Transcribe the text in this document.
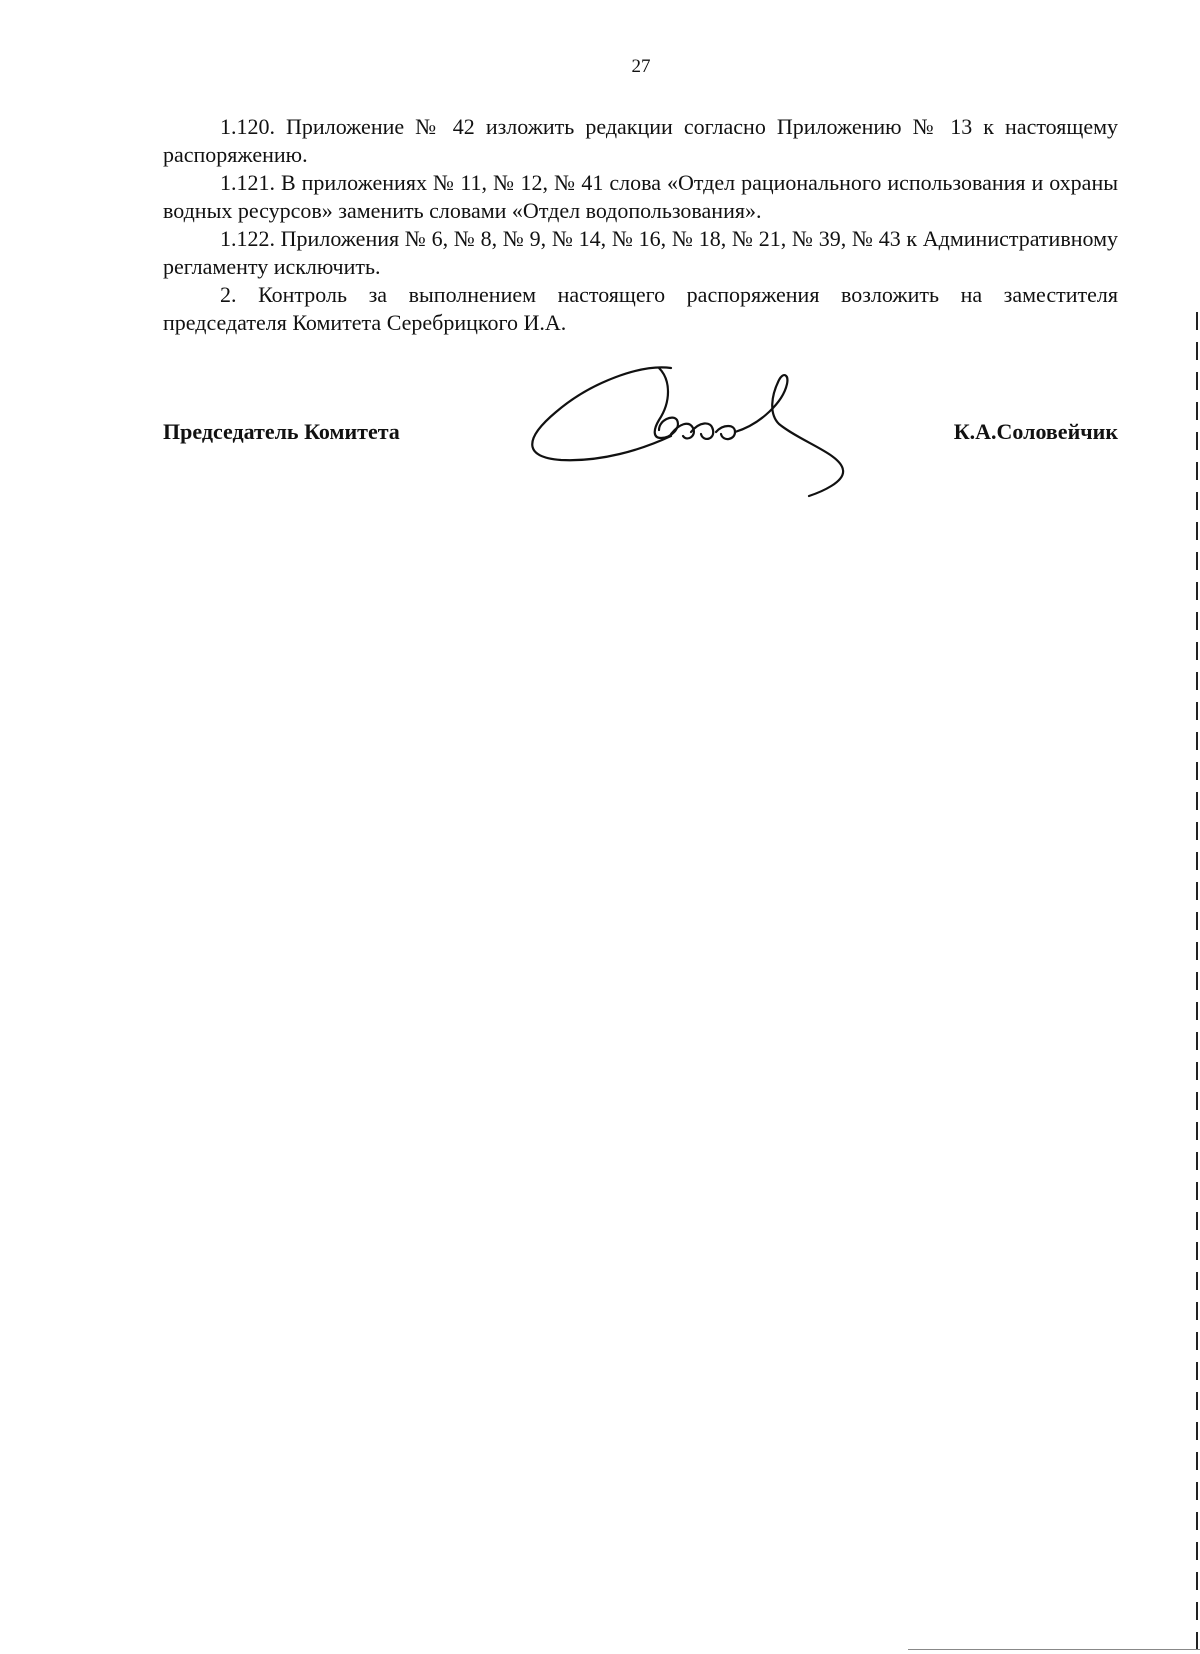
27

1.120. Приложение № 42 изложить редакции согласно Приложению № 13 к настоящему распоряжению.

1.121. В приложениях № 11, № 12, № 41 слова «Отдел рационального использования и охраны водных ресурсов» заменить словами «Отдел водопользования».

1.122. Приложения № 6, № 8, № 9, № 14, № 16, № 18, № 21, № 39, № 43 к Административному регламенту исключить.

2. Контроль за выполнением настоящего распоряжения возложить на заместителя председателя Комитета Серебрицкого И.А.

Председатель Комитета	К.А.Соловейчик
